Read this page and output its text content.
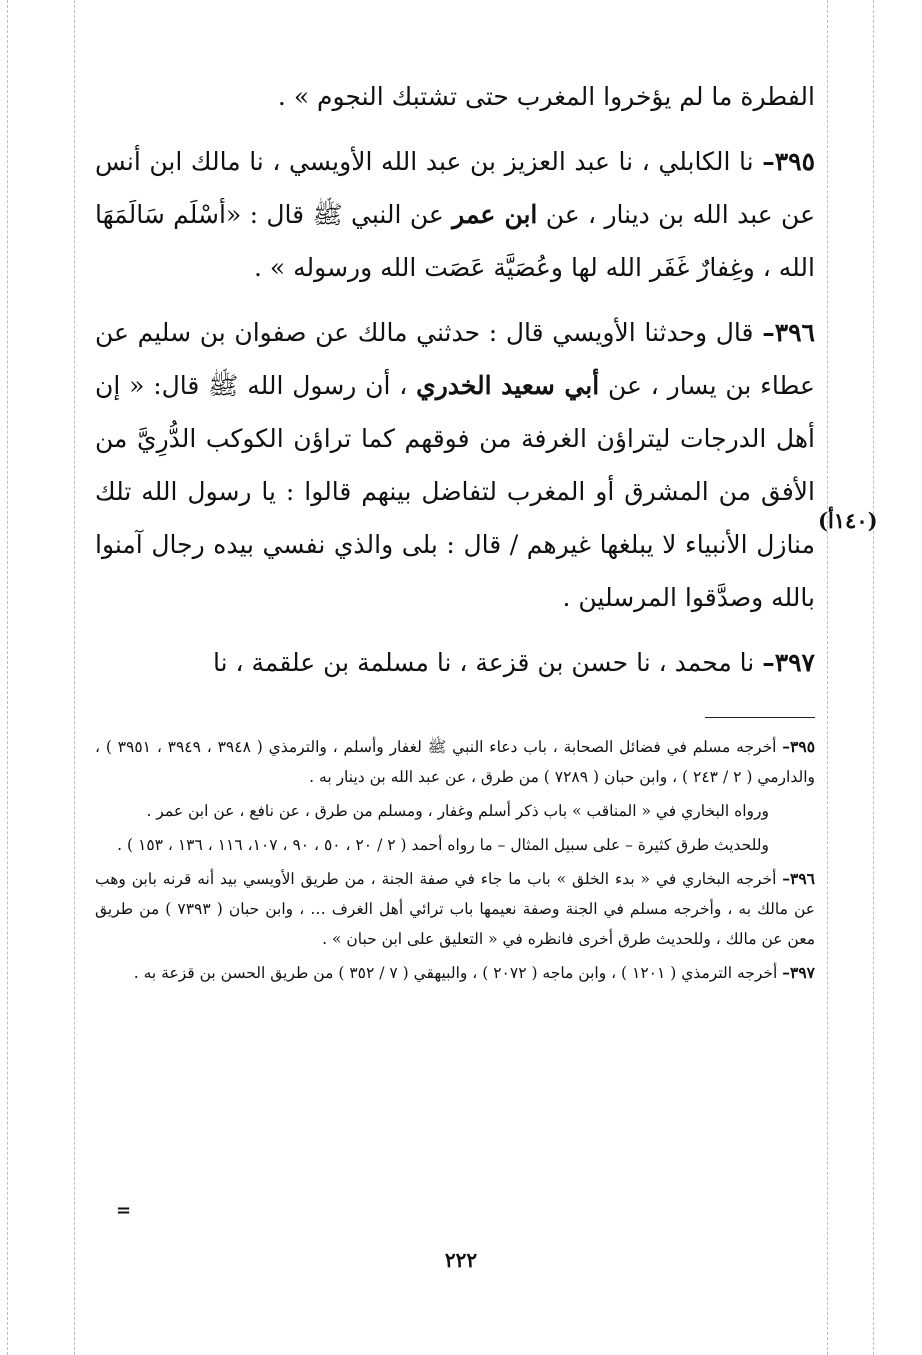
(١٤٠أ)

الفطرة ما لم يؤخروا المغرب حتى تشتبك النجوم » .

٣٩٥– نا الكابلي ، نا عبد العزيز بن عبد الله الأويسي ، نا مالك ابن أنس عن عبد الله بن دينار ، عن ابن عمر عن النبي ﷺ قال : «أسْلَم سَالَمَهَا الله ، وغِفارٌ غَفَر الله لها وعُصَيَّة عَصَت الله ورسوله » .

٣٩٦– قال وحدثنا الأويسي قال : حدثني مالك عن صفوان بن سليم عن عطاء بن يسار ، عن أبي سعيد الخدري ، أن رسول الله ﷺ قال: « إن أهل الدرجات ليتراؤن الغرفة من فوقهم كما تراؤن الكوكب الدُّرِيَّ من الأفق من المشرق أو المغرب لتفاضل بينهم قالوا : يا رسول الله تلك منازل الأنبياء لا يبلغها غيرهم / قال : بلى والذي نفسي بيده رجال آمنوا بالله وصدَّقوا المرسلين .

٣٩٧– نا محمد ، نا حسن بن قزعة ، نا مسلمة بن علقمة ، نا

٣٩٥– أخرجه مسلم في فضائل الصحابة ، باب دعاء النبي ﷺ لغفار وأسلم ، والترمذي ( ٣٩٤٨ ، ٣٩٤٩ ، ٣٩٥١ ) ، والدارمي ( ٢ / ٢٤٣ ) ، وابن حبان ( ٧٢٨٩ ) من طرق ، عن عبد الله بن دينار به .

ورواه البخاري في « المناقب » باب ذكر أسلم وغفار ، ومسلم من طرق ، عن نافع ، عن ابن عمر .

وللحديث طرق كثيرة – على سبيل المثال – ما رواه أحمد ( ٢ / ٢٠ ، ٥٠ ، ٩٠ ، ١٠٧، ١١٦ ، ١٣٦ ، ١٥٣ ) .

٣٩٦– أخرجه البخاري في « بدء الخلق » باب ما جاء في صفة الجنة ، من طريق الأويسي بيد أنه قرنه بابن وهب عن مالك به ، وأخرجه مسلم في الجنة وصفة نعيمها باب ترائي أهل الغرف … ، وابن حبان ( ٧٣٩٣ ) من طريق معن عن مالك ، وللحديث طرق أخرى فانظره في « التعليق على ابن حبان » .

٣٩٧– أخرجه الترمذي ( ١٢٠١ ) ، وابن ماجه ( ٢٠٧٢ ) ، والبيهقي ( ٧ / ٣٥٢ ) من طريق الحسن بن قزعة به .

=
٢٢٢
